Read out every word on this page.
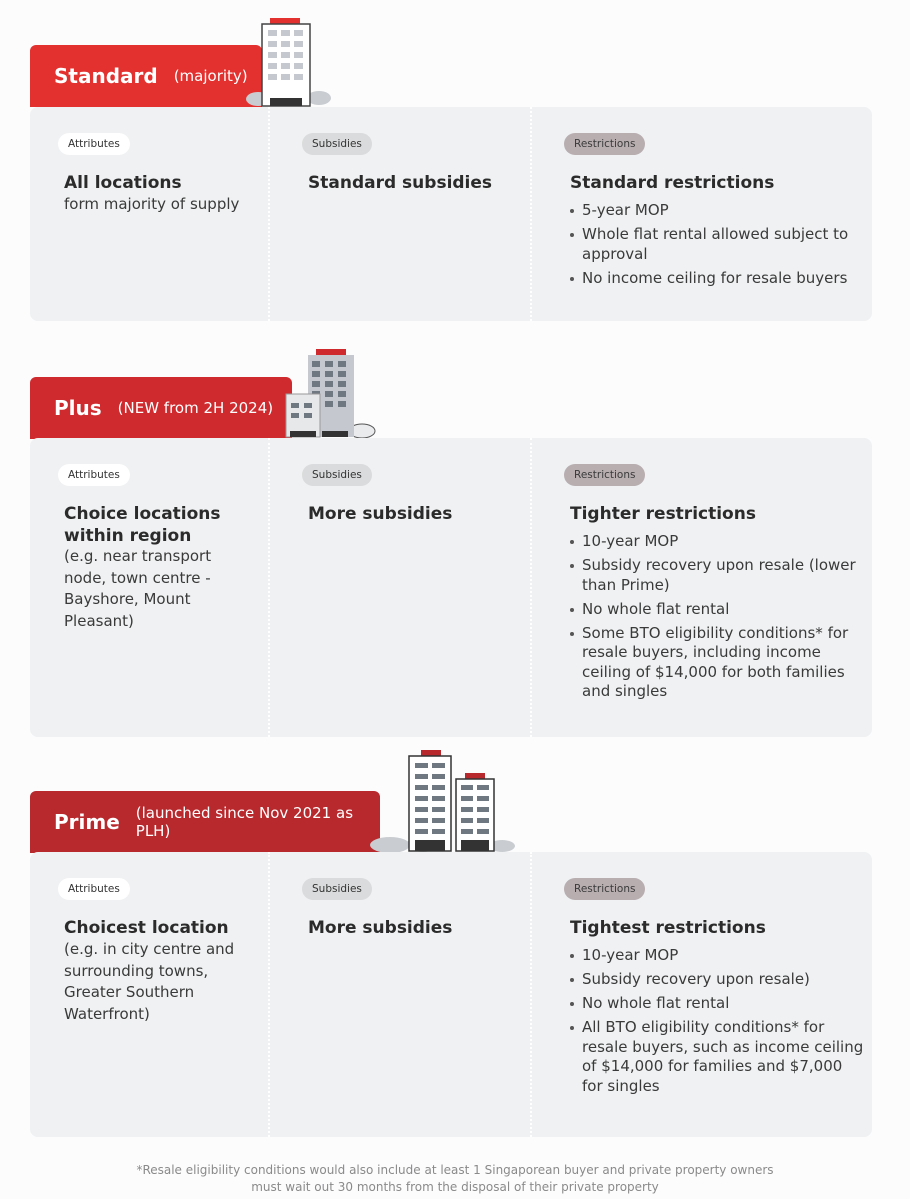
Standard (majority)
Attributes
All locations
form majority of supply
Subsidies
Standard subsidies
Restrictions
Standard restrictions
5-year MOP
Whole flat rental allowed subject to approval
No income ceiling for resale buyers
Plus (NEW from 2H 2024)
Attributes
Choice locations within region
(e.g. near transport node, town centre - Bayshore, Mount Pleasant)
Subsidies
More subsidies
Restrictions
Tighter restrictions
10-year MOP
Subsidy recovery upon resale (lower than Prime)
No whole flat rental
Some BTO eligibility conditions* for resale buyers, including income ceiling of $14,000 for both families and singles
Prime (launched since Nov 2021 as PLH)
Attributes
Choicest location
(e.g. in city centre and surrounding towns, Greater Southern Waterfront)
Subsidies
More subsidies
Restrictions
Tightest restrictions
10-year MOP
Subsidy recovery upon resale)
No whole flat rental
All BTO eligibility conditions* for resale buyers, such as income ceiling of $14,000 for families and $7,000 for singles
*Resale eligibility conditions would also include at least 1 Singaporean buyer and private property owners
must wait out 30 months from the disposal of their private property
